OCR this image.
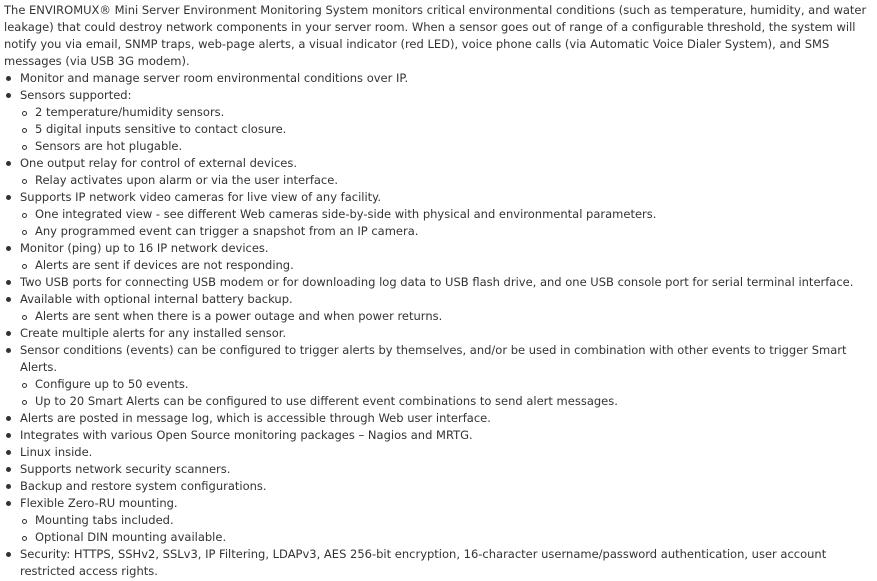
The ENVIROMUX® Mini Server Environment Monitoring System monitors critical environmental conditions (such as temperature, humidity, and water leakage) that could destroy network components in your server room. When a sensor goes out of range of a configurable threshold, the system will notify you via email, SNMP traps, web-page alerts, a visual indicator (red LED), voice phone calls (via Automatic Voice Dialer System), and SMS messages (via USB 3G modem).

Monitor and manage server room environmental conditions over IP.
Sensors supported:
2 temperature/humidity sensors.
5 digital inputs sensitive to contact closure.
Sensors are hot plugable.
One output relay for control of external devices.
Relay activates upon alarm or via the user interface.
Supports IP network video cameras for live view of any facility.
One integrated view - see different Web cameras side-by-side with physical and environmental parameters.
Any programmed event can trigger a snapshot from an IP camera.
Monitor (ping) up to 16 IP network devices.
Alerts are sent if devices are not responding.
Two USB ports for connecting USB modem or for downloading log data to USB flash drive, and one USB console port for serial terminal interface.
Available with optional internal battery backup.
Alerts are sent when there is a power outage and when power returns.
Create multiple alerts for any installed sensor.
Sensor conditions (events) can be configured to trigger alerts by themselves, and/or be used in combination with other events to trigger Smart Alerts.
Configure up to 50 events.
Up to 20 Smart Alerts can be configured to use different event combinations to send alert messages.
Alerts are posted in message log, which is accessible through Web user interface.
Integrates with various Open Source monitoring packages – Nagios and MRTG.
Linux inside.
Supports network security scanners.
Backup and restore system configurations.
Flexible Zero-RU mounting.
Mounting tabs included.
Optional DIN mounting available.
Security: HTTPS, SSHv2, SSLv3, IP Filtering, LDAPv3, AES 256-bit encryption, 16-character username/password authentication, user account restricted access rights.
